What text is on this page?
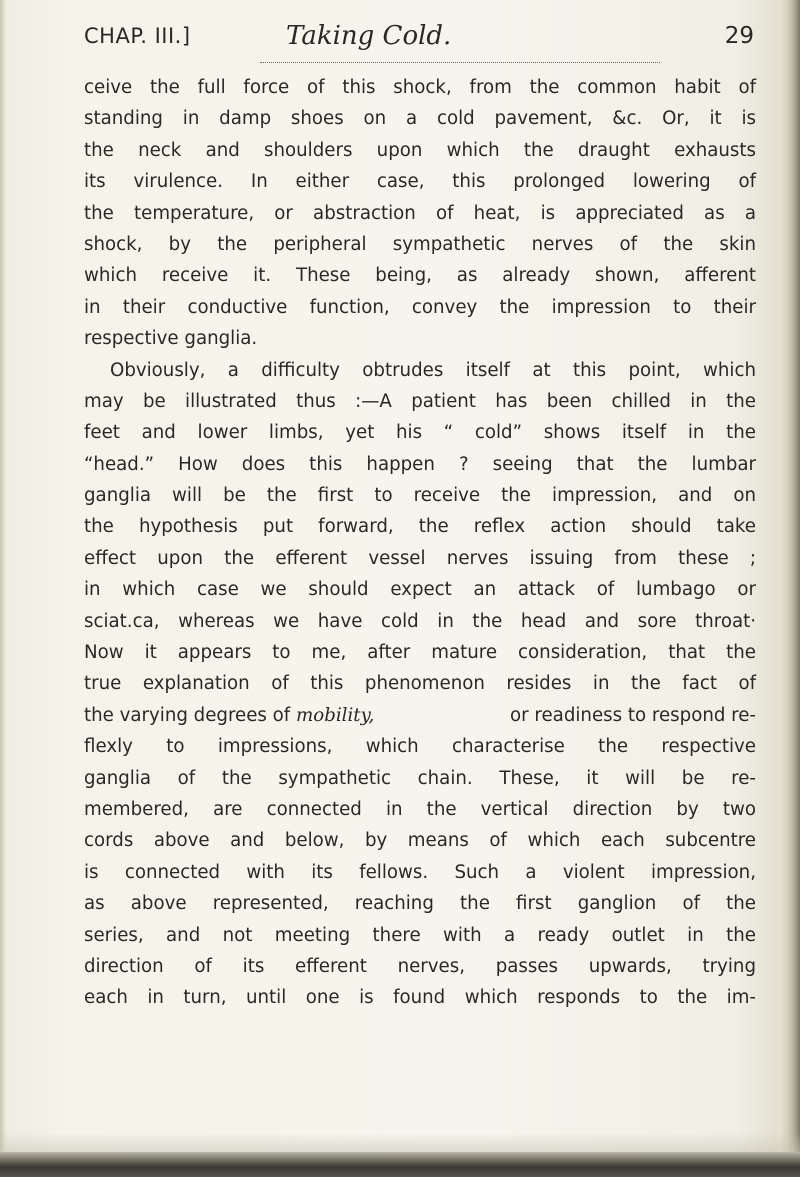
CHAP. III.]	Taking Cold.	29
ceive the full force of this shock, from the common habit of
standing in damp shoes on a cold pavement, &c. Or, it is
the neck and shoulders upon which the draught exhausts
its virulence. In either case, this prolonged lowering of
the temperature, or abstraction of heat, is appreciated as a
shock, by the peripheral sympathetic nerves of the skin
which receive it. These being, as already shown, afferent
in their conductive function, convey the impression to their
respective ganglia.
Obviously, a difficulty obtrudes itself at this point, which
may be illustrated thus :—A patient has been chilled in the
feet and lower limbs, yet his “ cold” shows itself in the
“head.” How does this happen ? seeing that the lumbar
ganglia will be the first to receive the impression, and on
the hypothesis put forward, the reflex action should take
effect upon the efferent vessel nerves issuing from these ;
in which case we should expect an attack of lumbago or
sciat.ca, whereas we have cold in the head and sore throat·
Now it appears to me, after mature consideration, that the
true explanation of this phenomenon resides in the fact of
the varying degrees of mobility,	or readiness to respond re-
flexly to impressions, which characterise the respective
ganglia of the sympathetic chain. These, it will be re-
membered, are connected in the vertical direction by two
cords above and below, by means of which each subcentre
is connected with its fellows. Such a violent impression,
as above represented, reaching the first ganglion of the
series, and not meeting there with a ready outlet in the
direction of its efferent nerves, passes upwards, trying
each in turn, until one is found which responds to the im-
